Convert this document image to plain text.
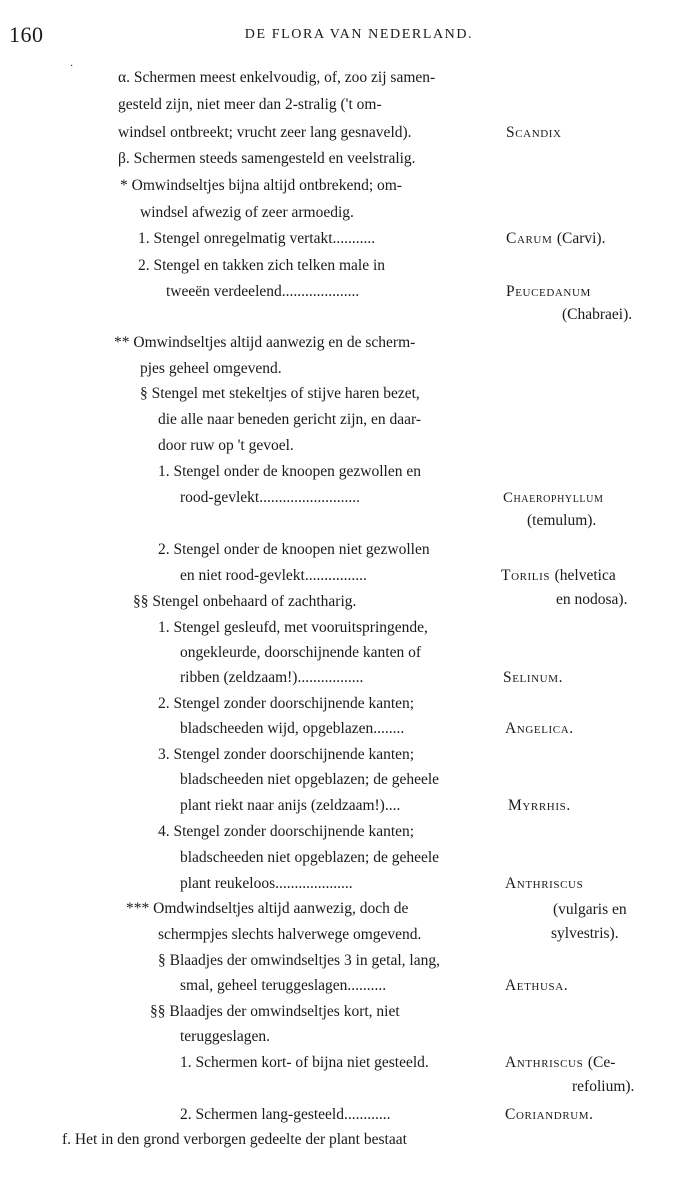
160	DE FLORA VAN NEDERLAND.
·
α. Schermen meest enkelvoudig, of, zoo zij samen-
gesteld zijn, niet meer dan 2-stralig ('t om-
windsel ontbreekt; vrucht zeer lang gesnaveld).
β. Schermen steeds samengesteld en veelstralig.
* Omwindseltjes bijna altijd ontbrekend; om-
windsel afwezig of zeer armoedig.
1. Stengel onregelmatig vertakt...........
2. Stengel en takken zich telken male in
tweeën verdeelend....................
** Omwindseltjes altijd aanwezig en de scherm-
pjes geheel omgevend.
§ Stengel met stekeltjes of stijve haren bezet,
die alle naar beneden gericht zijn, en daar-
door ruw op 't gevoel.
1. Stengel onder de knoopen gezwollen en
rood-gevlekt..........................
2. Stengel onder de knoopen niet gezwollen
en niet rood-gevlekt................
§§ Stengel onbehaard of zachtharig.
1. Stengel gesleufd, met vooruitspringende,
ongekleurde, doorschijnende kanten of
ribben (zeldzaam!).................
2. Stengel zonder doorschijnende kanten;
bladscheeden wijd, opgeblazen........
3. Stengel zonder doorschijnende kanten;
bladscheeden niet opgeblazen; de geheele
plant riekt naar anijs (zeldzaam!)....
4. Stengel zonder doorschijnende kanten;
bladscheeden niet opgeblazen; de geheele
plant reukeloos....................
*** Omdwindseltjes altijd aanwezig, doch de
schermpjes slechts halverwege omgevend.
§ Blaadjes der omwindseltjes 3 in getal, lang,
smal, geheel teruggeslagen..........
§§ Blaadjes der omwindseltjes kort, niet
teruggeslagen.
1. Schermen kort- of bijna niet gesteeld.
2. Schermen lang-gesteeld............
f. Het in den grond verborgen gedeelte der plant bestaat
Scandix
Carum (Carvi).
Peucedanum
(Chabraei).
Chaerophyllum
(temulum).
Torilis (helvetica
en nodosa).
Selinum.
Angelica.
Myrrhis.
Anthriscus
(vulgaris en
sylvestris).
Aethusa.
Anthriscus (Ce-
refolium).
Coriandrum.
